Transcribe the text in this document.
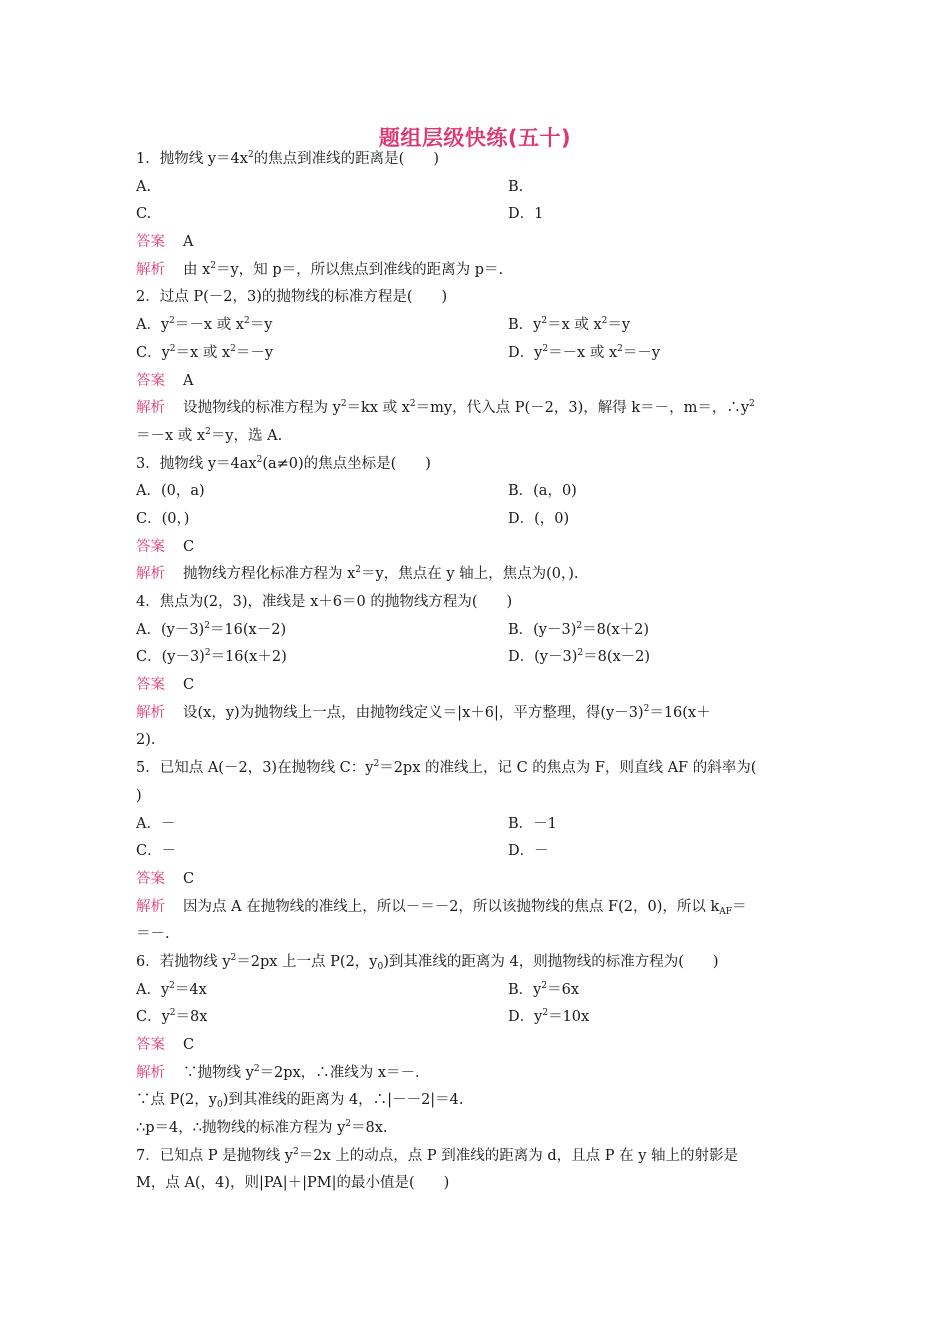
题组层级快练(五十)
1．抛物线 $y=4x^2$的焦点到准线的距离是(　　)
A.	B.
C.	D．1
答案 A
解析 由 $x^2=y$，知 p＝，所以焦点到准线的距离为 p＝.
2．过点 P(－2，3)的抛物线的标准方程是(　　)
A．$y^2=-x$ 或 $x^2=y$	B．$y^2=x$ 或 $x^2=y$
C．$y^2=x$ 或 $x^2=-y$	D．$y^2=-x$ 或 $x^2=-y$
答案 A
解析 设抛物线的标准方程为 $y^2=kx$ 或 $x^2=my$，代入点 P(－2，3)，解得 k＝－，m＝，$\therefore y^2$
＝－x 或 $x^2=y$，选 A.
3．抛物线 $y=4ax^2(a\ne 0)$的焦点坐标是(　　)
A．(0，a)	B．(a，0)
C．(0，)	D．(，0)
答案 C
解析 抛物线方程化标准方程为 $x^2=y$，焦点在 y 轴上，焦点为(0，).
4．焦点为(2，3)，准线是 x＋6＝0 的抛物线方程为(　　)
A．$(y-3)^2=16(x-2)$	B．$(y-3)^2=8(x+2)$
C．$(y-3)^2=16(x+2)$	D．$(y-3)^2=8(x-2)$
答案 C
解析 设(x，y)为抛物线上一点，由抛物线定义＝|x＋6|，平方整理，得$(y-3)^2=16(x+$
2).
5．已知点 A(－2，3)在抛物线 C：$y^2=2px$ 的准线上，记 C 的焦点为 F，则直线 AF 的斜率为(
)
A．－	B．－1
C．－	D．－
答案 C
解析 因为点 A 在抛物线的准线上，所以－＝－2，所以该抛物线的焦点 F(2，0)，所以 $k_{AF}=$
＝－.
6．若抛物线 $y^2=2px$ 上一点 P(2，$y_0$)到其准线的距离为 4，则抛物线的标准方程为(　　)
A．$y^2=4x$	B．$y^2=6x$
C．$y^2=8x$	D．$y^2=10x$
答案 C
解析 ∵抛物线 $y^2=2px$，∴准线为 x＝－.
∵点 P(2，$y_0$)到其准线的距离为 4，∴|－－2|＝4.
∴p＝4，∴抛物线的标准方程为 $y^2=8x$.
7．已知点 P 是抛物线 $y^2=2x$ 上的动点，点 P 到准线的距离为 d，且点 P 在 y 轴上的射影是
M，点 A(，4)，则|PA|＋|PM|的最小值是(　　)
